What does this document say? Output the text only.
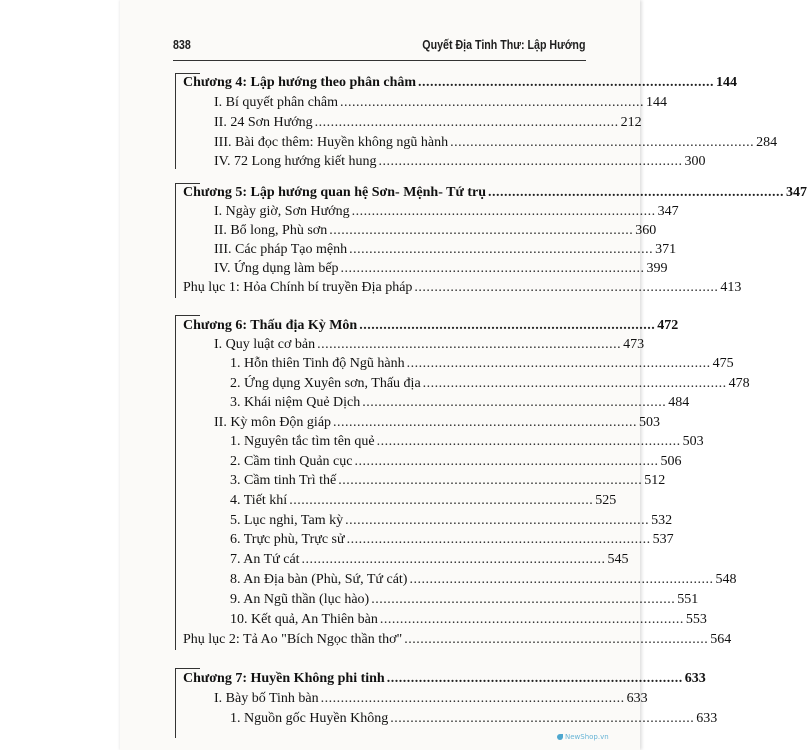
838	Quyết Địa Tinh Thư: Lập Hướng
Chương 4: Lập hướng theo phân châm .......................................................................... 144
I. Bí quyết phân châm ............................................................................ 144
II. 24 Sơn Hướng ............................................................................ 212
III. Bài đọc thêm: Huyền không ngũ hành ............................................................................ 284
IV. 72 Long hướng kiết hung ............................................................................ 300
Chương 5: Lập hướng quan hệ Sơn- Mệnh- Tứ trụ .......................................................................... 347
I. Ngày giờ, Sơn Hướng ............................................................................ 347
II. Bổ long, Phù sơn ............................................................................ 360
III. Các pháp Tạo mệnh ............................................................................ 371
IV. Ứng dụng làm bếp ............................................................................ 399
Phụ lục 1: Hỏa Chính bí truyền Địa pháp ............................................................................ 413
Chương 6: Thấu địa Kỳ Môn .......................................................................... 472
I. Quy luật cơ bản ............................................................................ 473
1. Hỗn thiên Tinh độ Ngũ hành ............................................................................ 475
2. Ứng dụng Xuyên sơn, Thấu địa ............................................................................ 478
3. Khái niệm Quẻ Dịch ............................................................................ 484
II. Kỳ môn Độn giáp ............................................................................ 503
1. Nguyên tắc tìm tên quẻ ............................................................................ 503
2. Cầm tinh Quản cục ............................................................................ 506
3. Cầm tinh Trì thế ............................................................................ 512
4. Tiết khí ............................................................................ 525
5. Lục nghi, Tam kỳ ............................................................................ 532
6. Trực phù, Trực sử ............................................................................ 537
7. An Tứ cát ............................................................................ 545
8. An Địa bàn (Phù, Sứ, Tứ cát) ............................................................................ 548
9. An Ngũ thần (lục hào) ............................................................................ 551
10. Kết quả, An Thiên bàn ............................................................................ 553
Phụ lục 2: Tả Ao "Bích Ngọc thần thơ" ............................................................................ 564
Chương 7: Huyền Không phi tinh .......................................................................... 633
I. Bày bố Tinh bàn ............................................................................ 633
1. Nguồn gốc Huyền Không ............................................................................ 633
NewShop.vn
